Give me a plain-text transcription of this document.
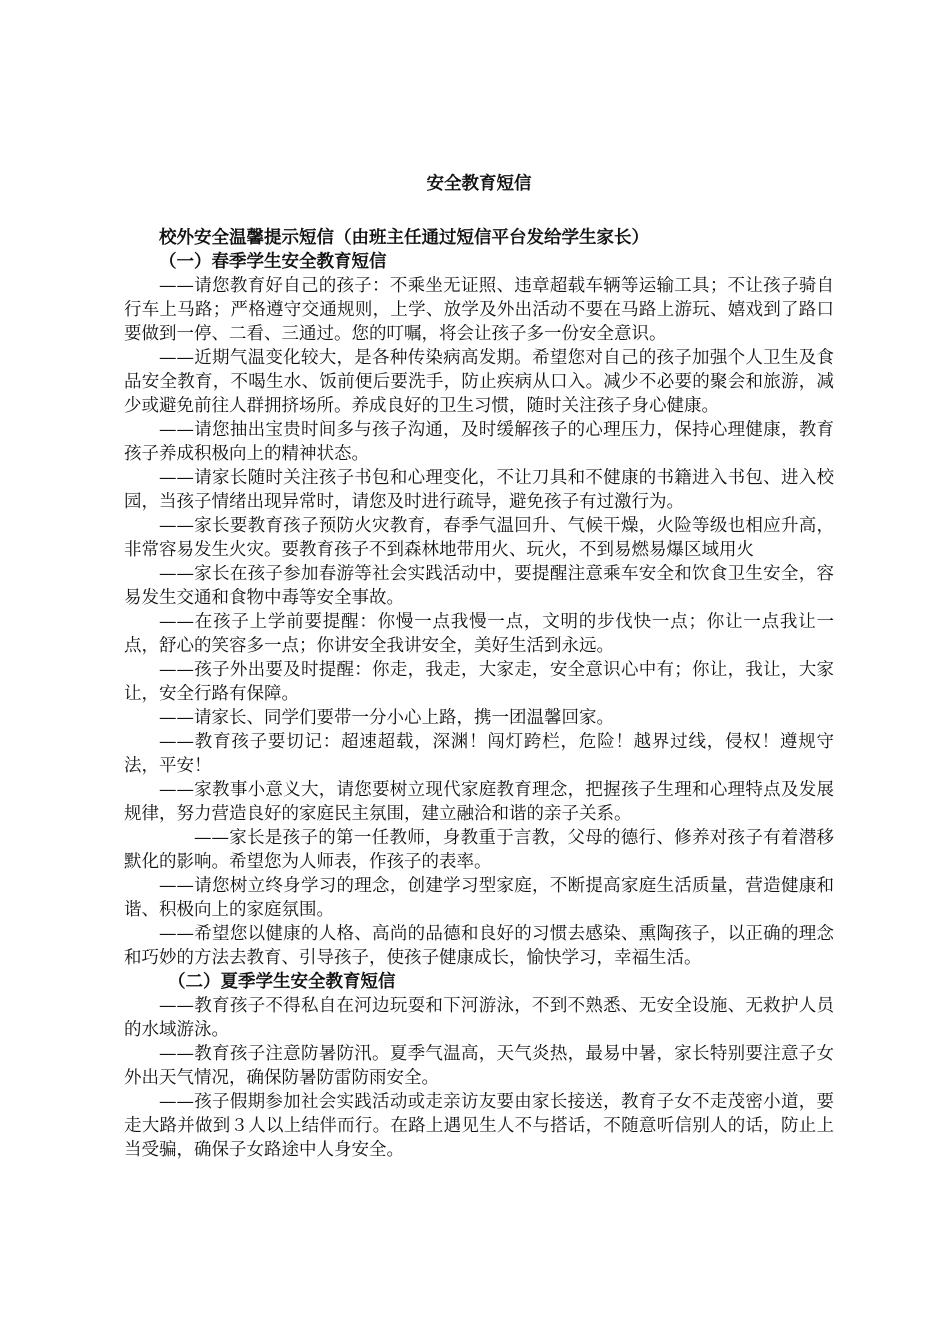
安全教育短信

校外安全温馨提示短信（由班主任通过短信平台发给学生家长）

（一）春季学生安全教育短信

——请您教育好自己的孩子：不乘坐无证照、违章超载车辆等运输工具；不让孩子骑自行车上马路；严格遵守交通规则，上学、放学及外出活动不要在马路上游玩、嬉戏到了路口要做到一停、二看、三通过。您的叮嘱，将会让孩子多一份安全意识。

——近期气温变化较大，是各种传染病高发期。希望您对自己的孩子加强个人卫生及食品安全教育，不喝生水、饭前便后要洗手，防止疾病从口入。减少不必要的聚会和旅游，减少或避免前往人群拥挤场所。养成良好的卫生习惯，随时关注孩子身心健康。

——请您抽出宝贵时间多与孩子沟通，及时缓解孩子的心理压力，保持心理健康，教育孩子养成积极向上的精神状态。

——请家长随时关注孩子书包和心理变化，不让刀具和不健康的书籍进入书包、进入校园，当孩子情绪出现异常时，请您及时进行疏导，避免孩子有过激行为。

——家长要教育孩子预防火灾教育，春季气温回升、气候干燥，火险等级也相应升高，非常容易发生火灾。要教育孩子不到森林地带用火、玩火，不到易燃易爆区域用火

——家长在孩子参加春游等社会实践活动中，要提醒注意乘车安全和饮食卫生安全，容易发生交通和食物中毒等安全事故。

——在孩子上学前要提醒：你慢一点我慢一点，文明的步伐快一点；你让一点我让一点，舒心的笑容多一点；你讲安全我讲安全，美好生活到永远。

——孩子外出要及时提醒：你走，我走，大家走，安全意识心中有；你让，我让，大家让，安全行路有保障。

——请家长、同学们要带一分小心上路，携一团温馨回家。

——教育孩子要切记：超速超载，深渊！闯灯跨栏，危险！越界过线，侵权！遵规守法，平安！

——家教事小意义大，请您要树立现代家庭教育理念，把握孩子生理和心理特点及发展规律，努力营造良好的家庭民主氛围，建立融洽和谐的亲子关系。

——家长是孩子的第一任教师，身教重于言教，父母的德行、修养对孩子有着潜移默化的影响。希望您为人师表，作孩子的表率。

——请您树立终身学习的理念，创建学习型家庭，不断提高家庭生活质量，营造健康和谐、积极向上的家庭氛围。

——希望您以健康的人格、高尚的品德和良好的习惯去感染、熏陶孩子，以正确的理念和巧妙的方法去教育、引导孩子，使孩子健康成长，愉快学习，幸福生活。

（二）夏季学生安全教育短信

——教育孩子不得私自在河边玩耍和下河游泳，不到不熟悉、无安全设施、无救护人员的水域游泳。

——教育孩子注意防暑防汛。夏季气温高，天气炎热，最易中暑，家长特别要注意子女外出天气情况，确保防暑防雷防雨安全。

——孩子假期参加社会实践活动或走亲访友要由家长接送，教育子女不走茂密小道，要走大路并做到３人以上结伴而行。在路上遇见生人不与搭话，不随意听信别人的话，防止上当受骗，确保子女路途中人身安全。
